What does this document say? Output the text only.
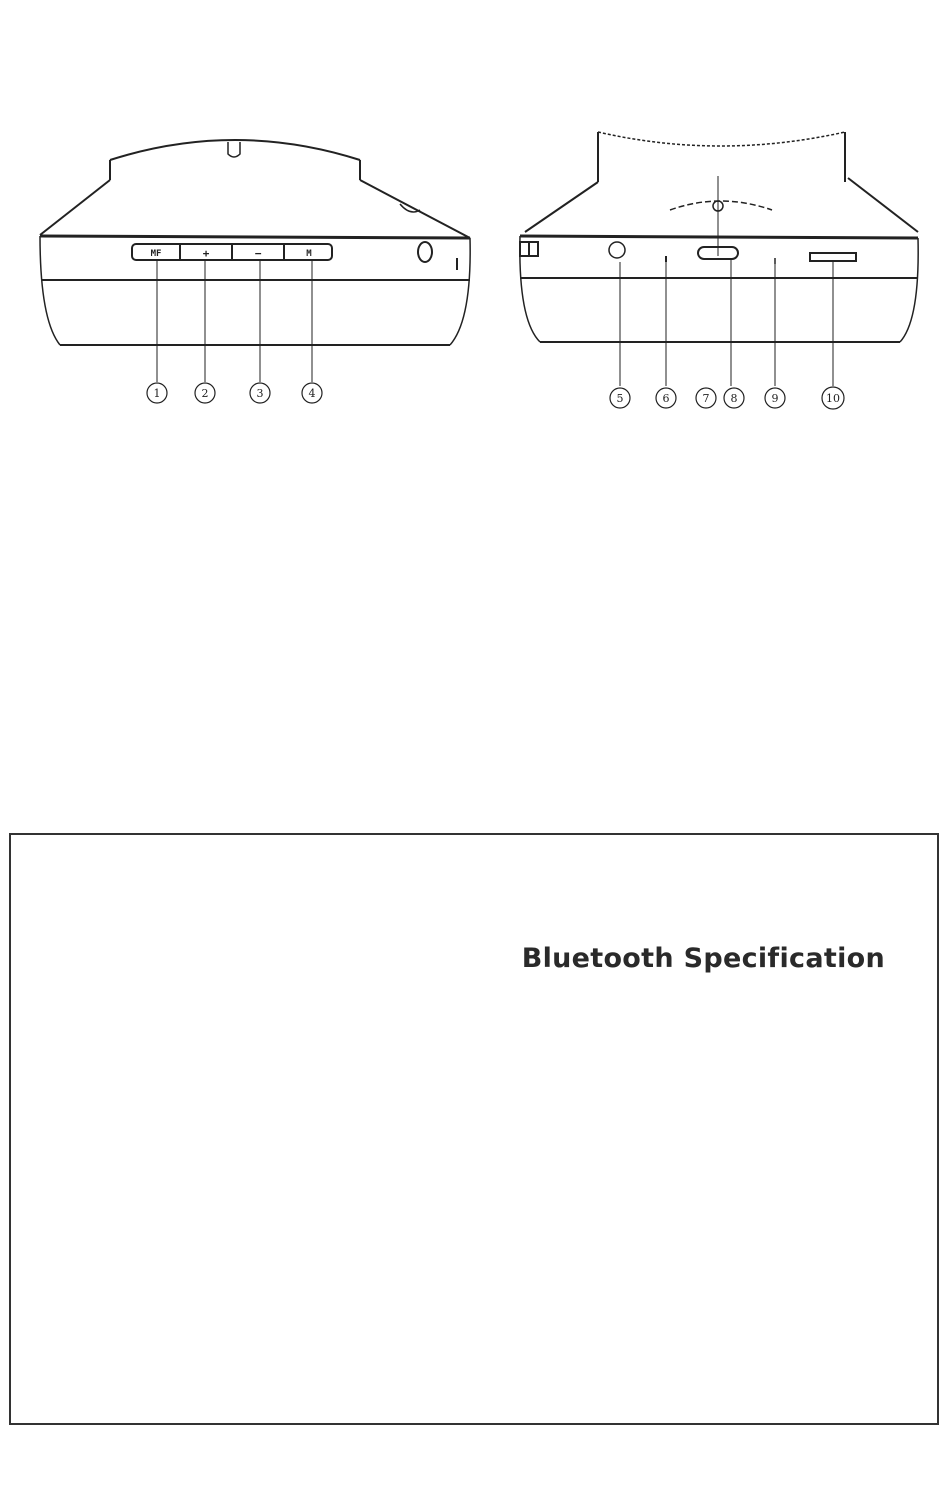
MF	+	−	M
1	2	3	4	5	6	7 8	9	10
Bluetooth Specification
